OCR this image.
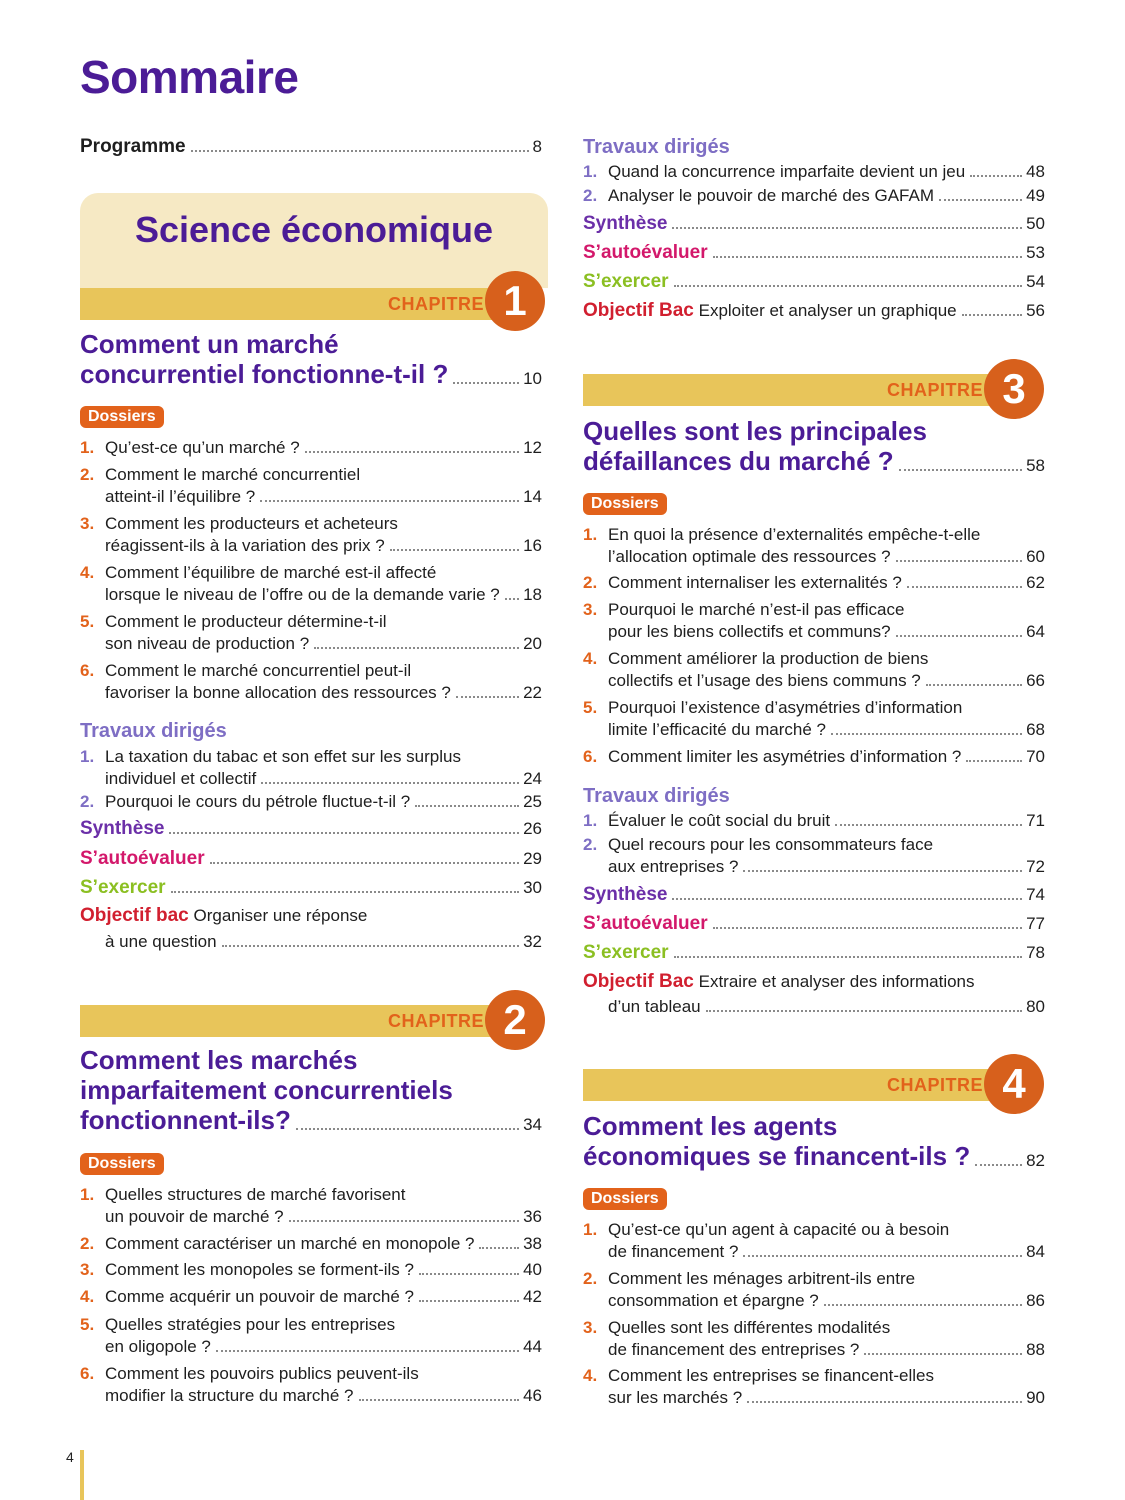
Sommaire
Science économique
Programme	8
CHAPITRE 1
Comment un marché
concurrentiel fonctionne-t-il ?	10
Dossiers
1. Qu’est-ce qu’un marché ?	12
2. Comment le marché concurrentiel
atteint-il l’équilibre ?	14
3. Comment les producteurs et acheteurs
réagissent-ils à la variation des prix ?	16
4. Comment l’équilibre de marché est-il affecté
lorsque le niveau de l’offre ou de la demande varie ? 18
5. Comment le producteur détermine-t-il
son niveau de production ?	20
6. Comment le marché concurrentiel peut-il
favoriser la bonne allocation des ressources ?	22
Travaux dirigés
1. La taxation du tabac et son effet sur les surplus
individuel et collectif	24
2. Pourquoi le cours du pétrole fluctue-t-il ?	25
Synthèse	26
S’autoévaluer	29
S’exercer	30
Objectif bac Organiser une réponse
à une question	32
CHAPITRE 2
Comment les marchés
imparfaitement concurrentiels
fonctionnent-ils?	34
Dossiers
1. Quelles structures de marché favorisent
un pouvoir de marché ?	36
2. Comment caractériser un marché en monopole ?	38
3. Comment les monopoles se forment-ils ?	40
4. Comme acquérir un pouvoir de marché ?	42
5. Quelles stratégies pour les entreprises
en oligopole ?	44
6. Comment les pouvoirs publics peuvent-ils
modifier la structure du marché ?	46
Travaux dirigés
1. Quand la concurrence imparfaite devient un jeu	48
2. Analyser le pouvoir de marché des GAFAM	49
Synthèse	50
S’autoévaluer	53
S’exercer	54
Objectif Bac Exploiter et analyser un graphique	56
CHAPITRE 3
Quelles sont les principales
défaillances du marché ?	58
Dossiers
1. En quoi la présence d’externalités empêche-t-elle
l’allocation optimale des ressources ?	60
2. Comment internaliser les externalités ?	62
3. Pourquoi le marché n’est-il pas efficace
pour les biens collectifs et communs?	64
4. Comment améliorer la production de biens
collectifs et l’usage des biens communs ?	66
5. Pourquoi l’existence d’asymétries d’information
limite l’efficacité du marché ?	68
6. Comment limiter les asymétries d’information ?	70
Travaux dirigés
1. Évaluer le coût social du bruit	71
2. Quel recours pour les consommateurs face
aux entreprises ?	72
Synthèse	74
S’autoévaluer	77
S’exercer	78
Objectif Bac Extraire et analyser des informations
d’un tableau	80
CHAPITRE 4
Comment les agents
économiques se financent-ils ?	82
Dossiers
1. Qu’est-ce qu’un agent à capacité ou à besoin
de financement ?	84
2. Comment les ménages arbitrent-ils entre
consommation et épargne ?	86
3. Quelles sont les différentes modalités
de financement des entreprises ?	88
4. Comment les entreprises se financent-elles
sur les marchés ?	90
4
